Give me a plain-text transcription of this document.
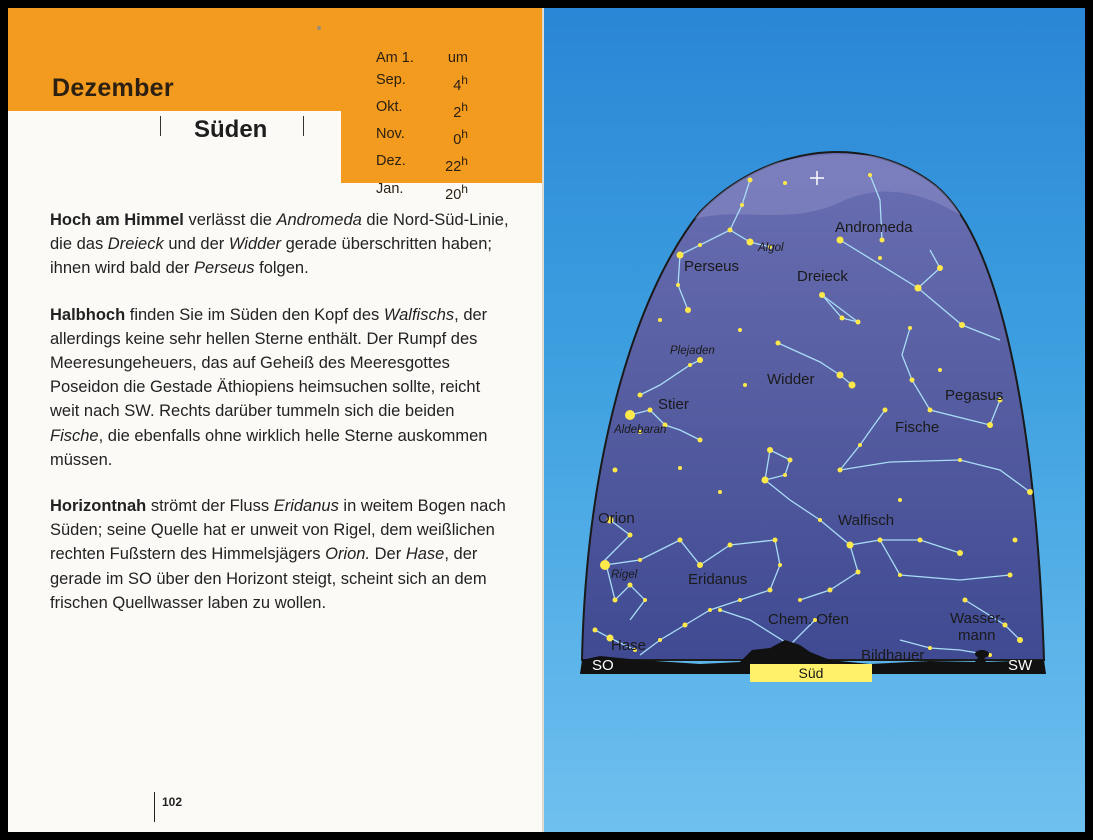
Dezember
Süden
Am 1.	um
Sep.	4$^h$
Okt.	2$^h$
Nov.	0$^h$
Dez.	22$^h$
Jan.	20$^h$

Hoch am Himmel verlässt die Andromeda die Nord-Süd-Linie, die das Dreieck und der Widder gerade überschritten haben; ihnen wird bald der Perseus folgen.

Halbhoch finden Sie im Süden den Kopf des Walfischs, der allerdings keine sehr hellen Sterne enthält. Der Rumpf des Meeresungeheuers, das auf Geheiß des Meeresgottes Poseidon die Gestade Äthiopiens heimsuchen sollte, reicht weit nach SW. Rechts darüber tummeln sich die beiden Fische, die ebenfalls ohne wirklich helle Sterne auskommen müssen.

Horizontnah strömt der Fluss Eridanus in weitem Bogen nach Süden; seine Quelle hat er unweit von Rigel, dem weißlichen rechten Fußstern des Himmelsjägers Orion. Der Hase, der gerade im SO über den Horizont steigt, scheint sich an dem frischen Quellwasser laben zu wollen.

102
Andromeda
Perseus
Dreieck
Widder
Stier
Pegasus
Fische
Orion	Walfisch
Eridanus
Chem. Ofen	Wasser-
mann
Hase
Bildhauer
Algol
Plejaden
Aldebaran
Rigel
SO	SW
Süd
